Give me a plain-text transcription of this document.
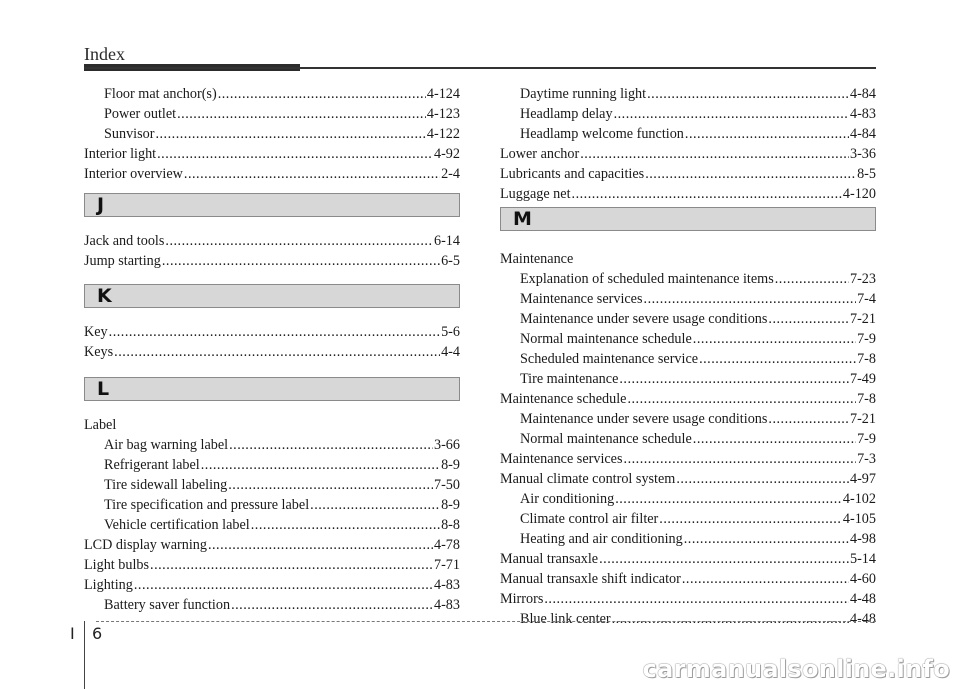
Index
Floor mat anchor(s) .....	4-124
Power outlet .....	4-123
Sunvisor .....	4-122
Interior light .....	4-92
Interior overview .....	2-4
J
Jack and tools .....	6-14
Jump starting .....	6-5
K
Key .....	5-6
Keys .....	4-4
L
Label
Air bag warning label .....	3-66
Refrigerant label .....	8-9
Tire sidewall labeling .....	7-50
Tire specification and pressure label .....	8-9
Vehicle certification label .....	8-8
LCD display warning .....	4-78
Light bulbs .....	7-71
Lighting .....	4-83
Battery saver function .....	4-83
Daytime running light .....	4-84
Headlamp delay .....	4-83
Headlamp welcome function .....	4-84
Lower anchor .....	3-36
Lubricants and capacities .....	8-5
Luggage net .....	4-120
M
Maintenance
Explanation of scheduled maintenance items .....	7-23
Maintenance services .....	7-4
Maintenance under severe usage conditions .....	7-21
Normal maintenance schedule .....	7-9
Scheduled maintenance service .....	7-8
Tire maintenance .....	7-49
Maintenance schedule .....	7-8
Maintenance under severe usage conditions .....	7-21
Normal maintenance schedule .....	7-9
Maintenance services .....	7-3
Manual climate control system .....	4-97
Air conditioning .....	4-102
Climate control air filter .....	4-105
Heating and air conditioning .....	4-98
Manual transaxle .....	5-14
Manual transaxle shift indicator .....	4-60
Mirrors .....	4-48
Blue link center .....	4-48
I 6
carmanualsonline.info
